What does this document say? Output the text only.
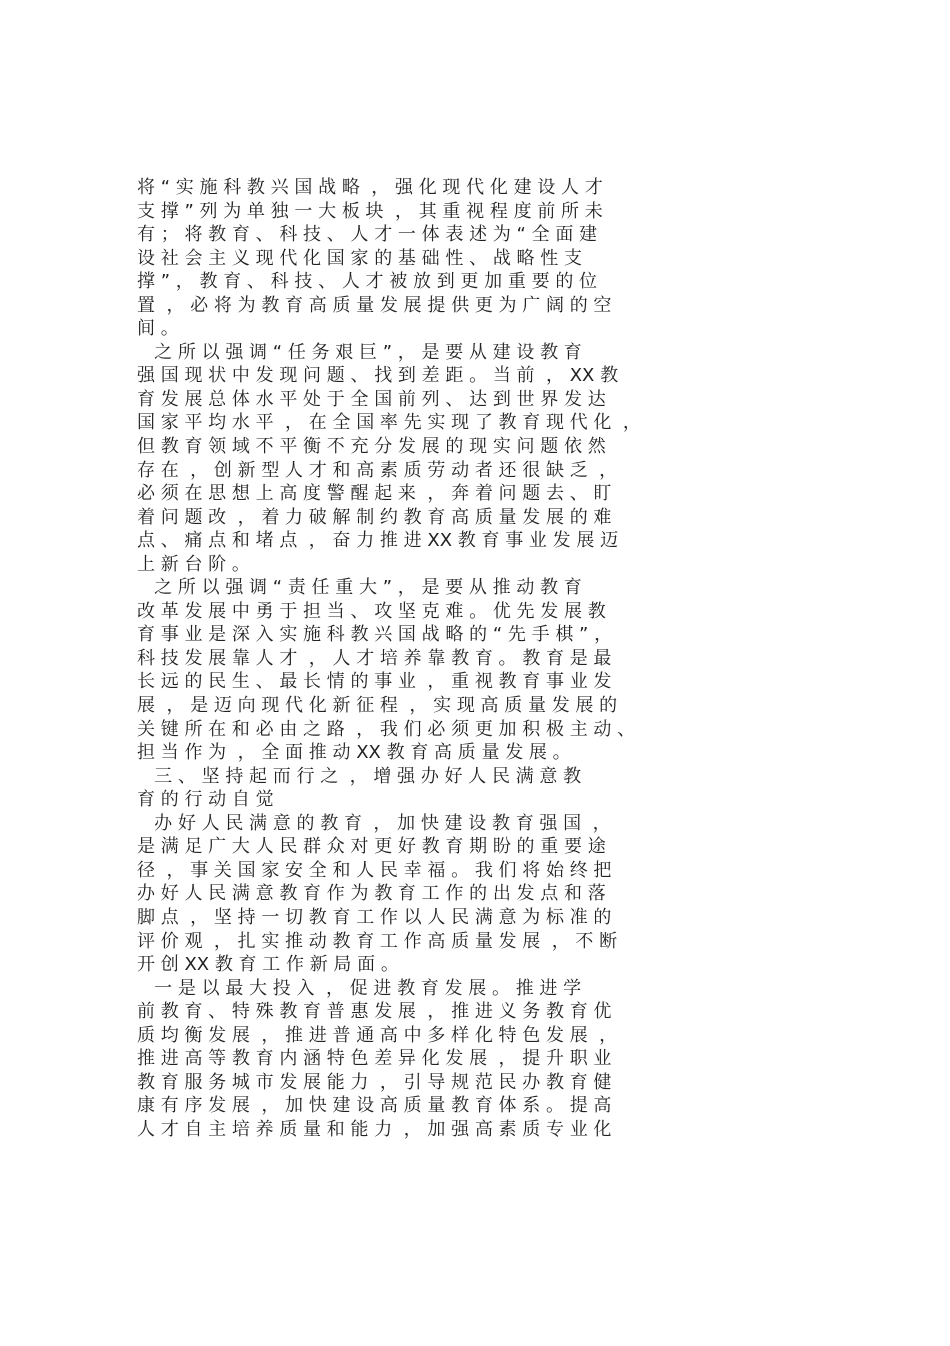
将 “ 实 施 科 教 兴 国 战 略  ， 强 化 现 代 化 建 设 人 才
支 撑 ” 列 为 单 独 一 大 板 块  ， 其 重 视 程 度 前 所 未
有 ； 将 教 育 、 科 技 、 人 才 一 体 表 述 为 “ 全 面 建
设 社 会 主 义 现 代 化 国 家 的 基 础 性 、 战 略 性 支
撑 ” ， 教 育 、 科 技 、 人 才 被 放 到 更 加 重 要 的 位
置  ， 必 将 为 教 育 高 质 量 发 展 提 供 更 为 广 阔 的 空
间 。
之 所 以 强 调 “ 任 务 艰 巨 ” ， 是 要 从 建 设 教 育
强 国 现 状 中 发 现 问 题 、 找 到 差 距 。 当 前  ， XX 教
育 发 展 总 体 水 平 处 于 全 国 前 列 、 达 到 世 界 发 达
国 家 平 均 水 平  ， 在 全 国 率 先 实 现 了 教 育 现 代 化  ，
但 教 育 领 域 不 平 衡 不 充 分 发 展 的 现 实 问 题 依 然
存 在  ， 创 新 型 人 才 和 高 素 质 劳 动 者 还 很 缺 乏  ，
必 须 在 思 想 上 高 度 警 醒 起 来  ， 奔 着 问 题 去 、 盯
着 问 题 改  ， 着 力 破 解 制 约 教 育 高 质 量 发 展 的 难
点 、 痛 点 和 堵 点  ， 奋 力 推 进 XX 教 育 事 业 发 展 迈
上 新 台 阶 。
之 所 以 强 调 “ 责 任 重 大 ” ， 是 要 从 推 动 教 育
改 革 发 展 中 勇 于 担 当 、 攻 坚 克 难 。 优 先 发 展 教
育 事 业 是 深 入 实 施 科 教 兴 国 战 略 的 “ 先 手 棋 ” ，
科 技 发 展 靠 人 才  ， 人 才 培 养 靠 教 育 。 教 育 是 最
长 远 的 民 生 、 最 长 情 的 事 业  ， 重 视 教 育 事 业 发
展  ， 是 迈 向 现 代 化 新 征 程  ， 实 现 高 质 量 发 展 的
关 键 所 在 和 必 由 之 路  ， 我 们 必 须 更 加 积 极 主 动 、
担 当 作 为  ， 全 面 推 动 XX 教 育 高 质 量 发 展 。
三 、 坚 持 起 而 行 之  ， 增 强 办 好 人 民 满 意 教
育 的 行 动 自 觉
办 好 人 民 满 意 的 教 育  ， 加 快 建 设 教 育 强 国  ，
是 满 足 广 大 人 民 群 众 对 更 好 教 育 期 盼 的 重 要 途
径  ， 事 关 国 家 安 全 和 人 民 幸 福 。 我 们 将 始 终 把
办 好 人 民 满 意 教 育 作 为 教 育 工 作 的 出 发 点 和 落
脚 点  ， 坚 持 一 切 教 育 工 作 以 人 民 满 意 为 标 准 的
评 价 观  ， 扎 实 推 动 教 育 工 作 高 质 量 发 展  ， 不 断
开 创 XX 教 育 工 作 新 局 面 。
一 是 以 最 大 投 入  ， 促 进 教 育 发 展 。 推 进 学
前 教 育 、 特 殊 教 育 普 惠 发 展  ， 推 进 义 务 教 育 优
质 均 衡 发 展  ， 推 进 普 通 高 中 多 样 化 特 色 发 展  ，
推 进 高 等 教 育 内 涵 特 色 差 异 化 发 展  ， 提 升 职 业
教 育 服 务 城 市 发 展 能 力  ， 引 导 规 范 民 办 教 育 健
康 有 序 发 展  ， 加 快 建 设 高 质 量 教 育 体 系 。 提 高
人 才 自 主 培 养 质 量 和 能 力  ， 加 强 高 素 质 专 业 化
